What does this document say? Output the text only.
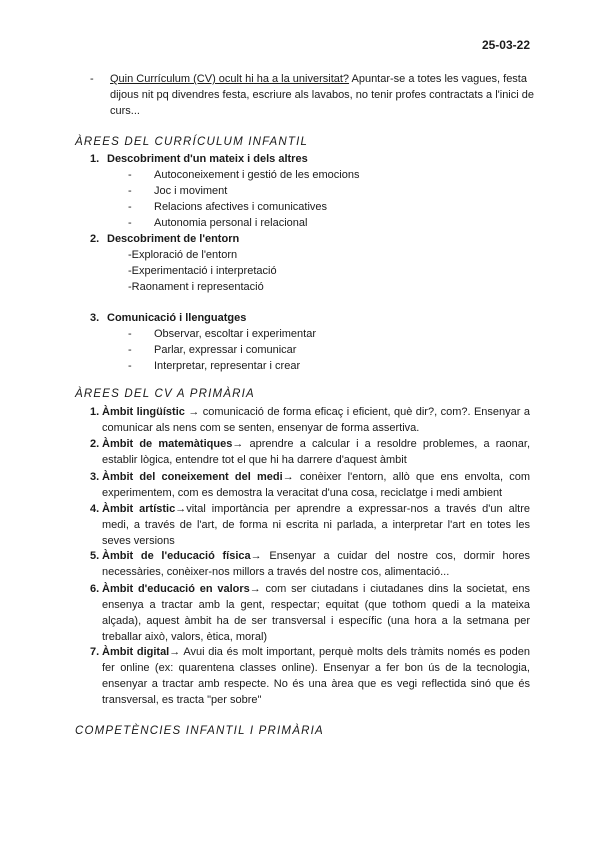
25-03-22
- Quin Currículum (CV) ocult hi ha a la universitat? Apuntar-se a totes les vagues, festa dijous nit pq divendres festa, escriure als lavabos, no tenir profes contractats a l'inici de curs...
ÀREES DEL CURRÍCULUM INFANTIL
1. Descobriment d'un mateix i dels altres
- Autoconeixement i gestió de les emocions
- Joc i moviment
- Relacions afectives i comunicatives
- Autonomia personal i relacional
2. Descobriment de l'entorn
-Exploració de l'entorn
-Experimentació i interpretació
-Raonament i representació
3. Comunicació i llenguatges
- Observar, escoltar i experimentar
- Parlar, expressar i comunicar
- Interpretar, representar i crear
ÀREES DEL CV A PRIMÀRIA
1. Àmbit lingüístic → comunicació de forma eficaç i eficient, què dir?, com?. Ensenyar a comunicar als nens com se senten, ensenyar de forma assertiva.
2. Àmbit de matemàtiques→ aprendre a calcular i a resoldre problemes, a raonar, establir lògica, entendre tot el que hi ha darrere d'aquest àmbit
3. Àmbit del coneixement del medi→ conèixer l'entorn, allò que ens envolta, com experimentem, com es demostra la veracitat d'una cosa, reciclatge i medi ambient
4. Àmbit artístic→vital importància per aprendre a expressar-nos a través d'un altre medi, a través de l'art, de forma ni escrita ni parlada, a interpretar l'art en totes les seves versions
5. Àmbit de l'educació física→ Ensenyar a cuidar del nostre cos, dormir hores necessàries, conèixer-nos millors a través del nostre cos, alimentació...
6. Àmbit d'educació en valors→ com ser ciutadans i ciutadanes dins la societat, ens ensenya a tractar amb la gent, respectar; equitat (que tothom quedi a la mateixa alçada), aquest àmbit ha de ser transversal i específic (una hora a la setmana per treballar això, valors, ètica, moral)
7. Àmbit digital→ Avui dia és molt important, perquè molts dels tràmits només es poden fer online (ex: quarentena classes online). Ensenyar a fer bon ús de la tecnologia, ensenyar a tractar amb respecte. No és una àrea que es vegi reflectida sinó que és transversal, es tracta "per sobre"
COMPETÈNCIES INFANTIL I PRIMÀRIA
